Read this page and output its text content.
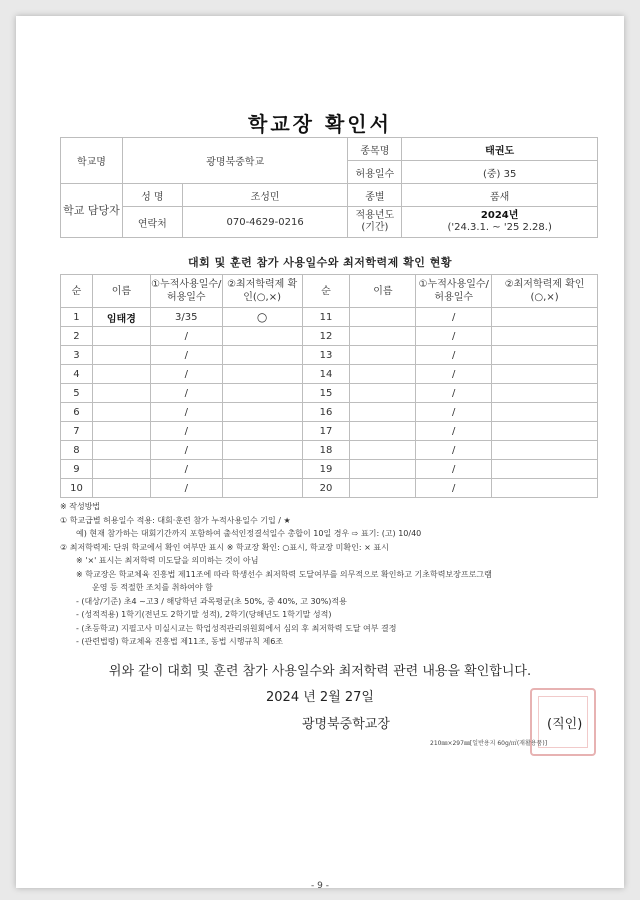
학교장 확인서
학교명	광명북중학교		종목명	태권도
			허용일수	(중) 35
학교 담당자	성 명	조성민	종별	품새
	연락처	070-4629-0216	적용년도 (기간)	2024년
('24.3.1. ~ '25 2.28.)
대회 및 훈련 참가 사용일수와 최저학력제 확인 현황
순	이름	①누적사용일수/허용일수	②최저학력제 확인(○,×)	순	이름	①누적사용일수/허용일수	②최저학력제 확인(○,×)
1	임태경	3/35	○	11		/	
2		/		12		/	
3		/		13		/	
4		/		14		/	
5		/		15		/	
6		/		16		/	
7		/		17		/	
8		/		18		/	
9		/		19		/	
10		/		20		/	
※ 작성방법
① 학교급별 허용일수 적용: 대회·훈련 참가 누적사용일수 기입 / ★
예) 현재 참가하는 대회기간까지 포함하여 출석인정결석일수 총합이 10일 경우 ⇨ 표기: (고) 10/40
② 최저학력제: 단위 학교에서 확인 여부만 표시 ※ 학교장 확인: ○표시, 학교장 미확인: × 표시
※ '×' 표시는 최저학력 미도달을 의미하는 것이 아님
※ 학교장은 학교체육 진흥법 제11조에 따라 학생선수 최저학력 도달여부를 의무적으로 확인하고 기초학력보장프로그램
운영 등 적절한 조치를 취하여야 함
- (대상/기준) 초4 ~고3 / 해당학년 과목평균(초 50%, 중 40%, 고 30%)적용
- (성적적용) 1학기(전년도 2학기말 성적), 2학기(당해년도 1학기말 성적)
- (초등학교) 지필고사 미실시교는 학업성적관리위원회에서 심의 후 최저학력 도달 여부 결정
- (관련법령) 학교체육 진흥법 제11조, 동법 시행규칙 제6조
위와 같이 대회 및 훈련 참가 사용일수와 최저학력 관련 내용을 확인합니다.
2024 년 2월 27일
광명북중학교장	(직인)
210㎜×297㎜[일반용지 60g/㎡(재활용품)]
- 9 -
